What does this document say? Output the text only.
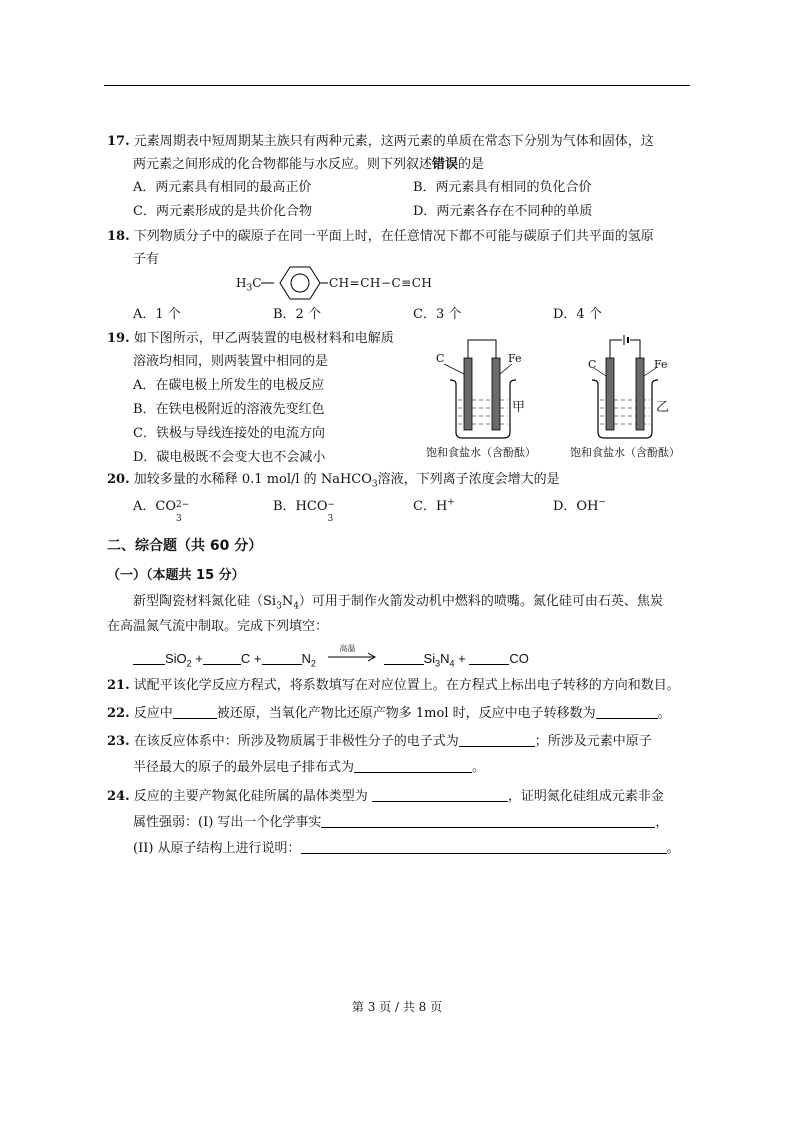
17. 元素周期表中短周期某主族只有两种元素，这两元素的单质在常态下分别为气体和固体，这
两元素之间形成的化合物都能与水反应。则下列叙述错误的是
A．两元素具有相同的最高正价	B．两元素具有相同的负化合价
C．两元素形成的是共价化合物	D．两元素各存在不同种的单质
18. 下列物质分子中的碳原子在同一平面上时，在任意情况下都不可能与碳原子们共平面的氢原
子有
$H_3C$	CH=CH−C≡CH
A．1 个	B．2 个	C．3 个	D．4 个
19. 如下图所示，甲乙两装置的电极材料和电解质
溶液均相同，则两装置中相同的是
A．在碳电极上所发生的电极反应
B．在铁电极附近的溶液先变红色
C．铁极与导线连接处的电流方向
D．碳电极既不会变大也不会减小
C	Fe
甲
饱和食盐水（含酚酞）
C	Fe
乙
饱和食盐水（含酚酞）
20. 加较多量的水稀释 0.1 mol/l 的 NaHCO$_3$溶液，下列离子浓度会增大的是
A．CO 2−
3
B．HCO −
3
C．H+	D．OH−
二、综合题（共 60 分）
（一）（本题共 15 分）
新型陶瓷材料氮化硅$(Si_3N_4)$可用于制作火箭发动机中燃料的喷嘴。氮化硅可由石英、焦炭
在高温氮气流中制取。完成下列填空：
SiO$_2$ +	C +	$N_2$
高温
$Si_3N_4$ +	CO
21. 试配平该化学反应方程式，将系数填写在对应位置上。在方程式上标出电子转移的方向和数目。
22. 反应中	被还原，当氧化产物比还原产物多 1mol 时，反应中电子转移数为	。
23. 在该反应体系中：所涉及物质属于非极性分子的电子式为	；所涉及元素中原子
半径最大的原子的最外层电子排布式为	。
24. 反应的主要产物氮化硅所属的晶体类型为	，证明氮化硅组成元素非金
属性强弱：(I) 写出一个化学事实	，
(II) 从原子结构上进行说明：	。
第 3 页 / 共 8 页
